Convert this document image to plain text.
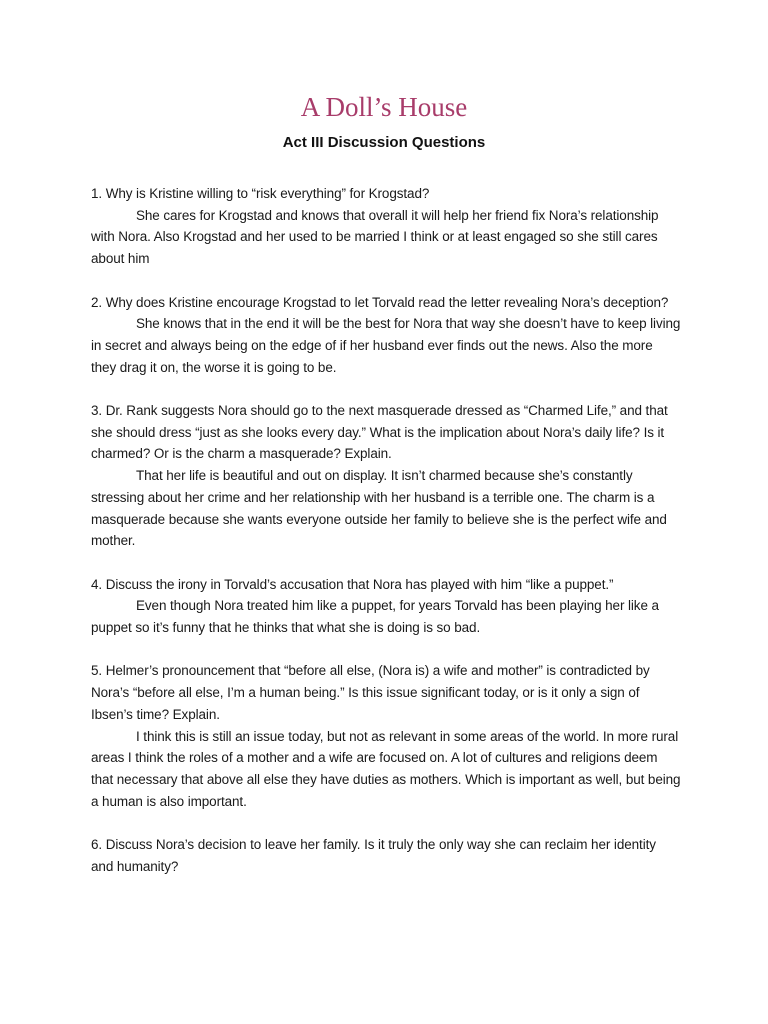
A Doll’s House
Act III Discussion Questions

1. Why is Kristine willing to “risk everything” for Krogstad?

She cares for Krogstad and knows that overall it will help her friend fix Nora’s relationship with Nora. Also Krogstad and her used to be married I think or at least engaged so she still cares about him

2. Why does Kristine encourage Krogstad to let Torvald read the letter revealing Nora’s deception?

She knows that in the end it will be the best for Nora that way she doesn’t have to keep living in secret and always being on the edge of if her husband ever finds out the news. Also the more they drag it on, the worse it is going to be.

3. Dr. Rank suggests Nora should go to the next masquerade dressed as “Charmed Life,” and that she should dress “just as she looks every day.” What is the implication about Nora’s daily life? Is it charmed? Or is the charm a masquerade? Explain.

That her life is beautiful and out on display. It isn’t charmed because she’s constantly stressing about her crime and her relationship with her husband is a terrible one. The charm is a masquerade because she wants everyone outside her family to believe she is the perfect wife and mother.

4. Discuss the irony in Torvald’s accusation that Nora has played with him “like a puppet.”

Even though Nora treated him like a puppet, for years Torvald has been playing her like a puppet so it’s funny that he thinks that what she is doing is so bad.

5. Helmer’s pronouncement that “before all else, (Nora is) a wife and mother” is contradicted by Nora’s “before all else, I’m a human being.” Is this issue significant today, or is it only a sign of Ibsen’s time? Explain.

I think this is still an issue today, but not as relevant in some areas of the world. In more rural areas I think the roles of a mother and a wife are focused on. A lot of cultures and religions deem that necessary that above all else they have duties as mothers. Which is important as well, but being a human is also important.

6. Discuss Nora’s decision to leave her family. Is it truly the only way she can reclaim her identity and humanity?
